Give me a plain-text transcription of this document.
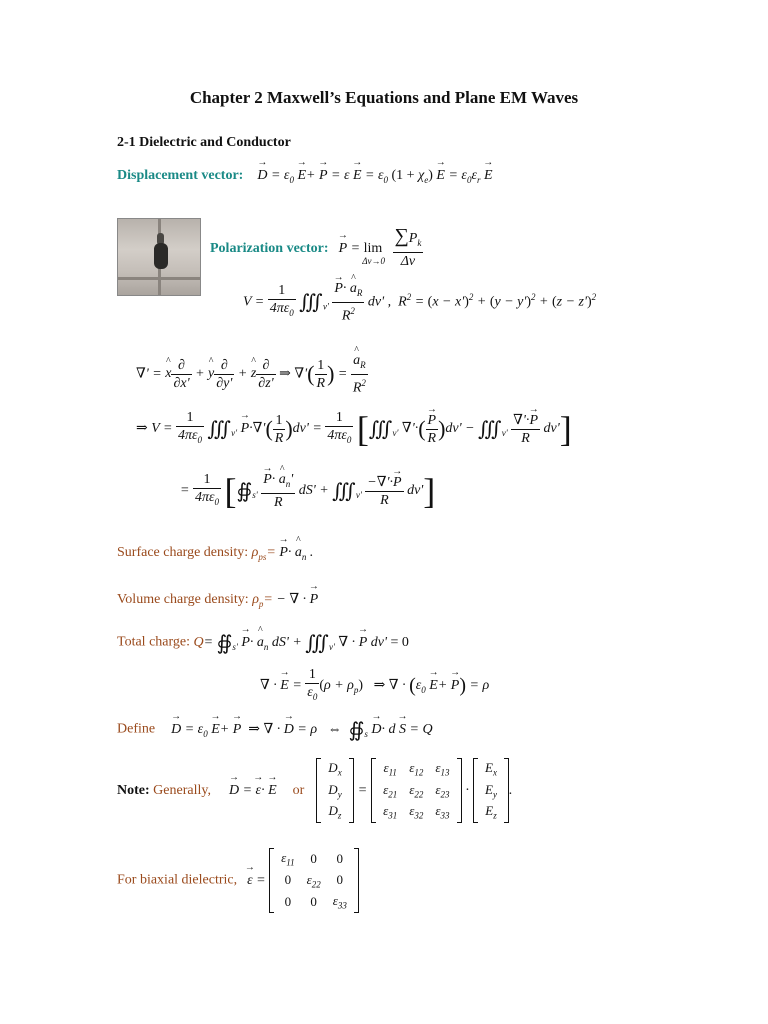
Chapter 2 Maxwell’s Equations and Plane EM Waves
2-1 Dielectric and Conductor
Displacement vector: → $D = \varepsilon_0 \to E+ \to P = \varepsilon \to E = \varepsilon_0$ $(1 + \chi_e) \to E = \varepsilon_0\varepsilon_r \to E$
Polarization vector: → $P = \lim_{\Delta v\to 0} \frac{\sum P_k}{\Delta v}$
$V = \frac{1}{4\pi\varepsilon_0}$ $∭_{v'} \to \frac{P\cdot \^{} a_R}{R^2} dv'$ ,  $R^2 = (x - x')^2 + (y - y')^2 + (z - z')^2$
∇' = ^ x $\frac{\partial}{\partial x'}$ + ^ y $\frac{\partial}{\partial y'}$ + ^ z $\frac{\partial}{\partial z'}$ ⇒ ∇'( $\frac{1}{R}$ ) = ^ $\frac{a_R}{R^2}$
⇒ $V = \frac{1}{4\pi\varepsilon_0}$ $∭_{v'} \to P\cdot\nabla'( \frac{1}{R} )dv' = \frac{1}{4\pi\varepsilon_0}$ [$∭_{v'}$ ∇'·( → $\frac{P}{R} )dv'$ − $∭_{v'} \frac{\nabla'\cdot\to P}{R} dv'$]
= $\frac{1}{4\pi\varepsilon_0}$ [$∯_{s'} \to \frac{P\cdot \^{} a_n'}{R} dS'$ + $∭_{v'} \frac{-\nabla'\cdot\to P}{R} dv'$]
Surface charge density: $\rho_{ps}= \to P\cdot$ ^ $a_n$ .
Volume charge density: $\rho_p=$ − ∇ · → P
Total charge: $Q= ∯_{s'} \to P\cdot$ ^ $a_n$ $dS' + ∭_{v'}$ ∇ · → P dv' = 0
∇ · → $E = \frac{1}{\varepsilon_0} (\rho + \rho_p)$   ⇒ ∇ · $(\varepsilon_0 \to E+ \to P) = \rho$
Define → $D = \varepsilon_0 \to E+ \to P$  ⇒ ∇ · → D = ρ   ⇔  $∯_s \to D\cdot d \to S = Q$
Note: Generally, → D = → ε· → E or
$D_x$
$D_y$
$D_z$
=
$\varepsilon_{11}$	$\varepsilon_{12}$	$\varepsilon_{13}$
$\varepsilon_{21}$	$\varepsilon_{22}$	$\varepsilon_{23}$
$\varepsilon_{31}$	$\varepsilon_{32}$	$\varepsilon_{33}$
·
$E_x$
$E_y$
$E_z$
.
For biaxial dielectric, → ε =
$\varepsilon_{11}$	0	0
0	$\varepsilon_{22}$	0
0	0	$\varepsilon_{33}$
